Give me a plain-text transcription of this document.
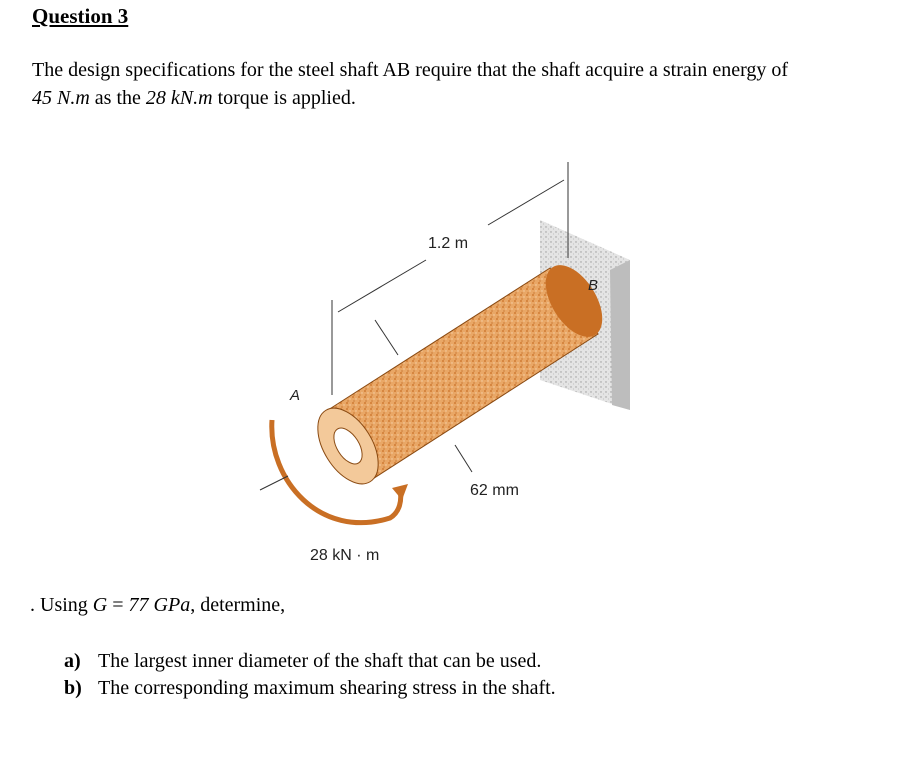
Question 3
The design specifications for the steel shaft AB require that the shaft acquire a strain energy of
45 N.m as the 28 kN.m torque is applied.
1.2 m
62 mm
28 kN · m
A
B
. Using G = 77 GPa, determine,
a) The largest inner diameter of the shaft that can be used.
b) The corresponding maximum shearing stress in the shaft.
